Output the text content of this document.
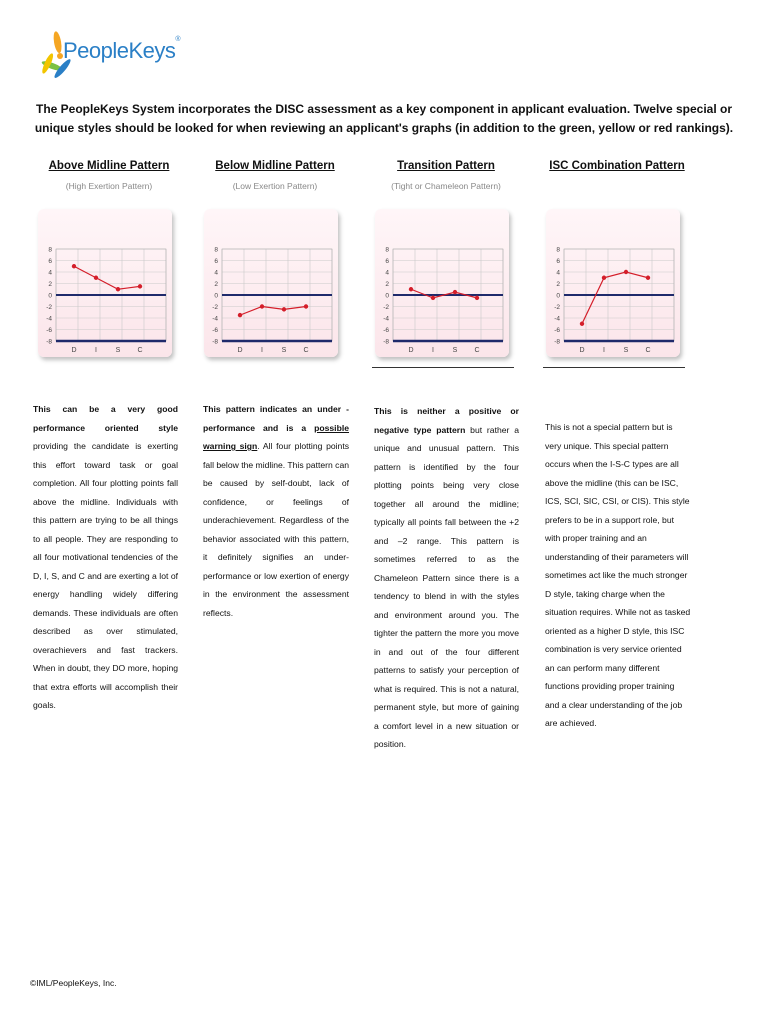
PeopleKeys®
The PeopleKeys System incorporates the DISC assessment as a key component in applicant evaluation. Twelve special or unique styles should be looked for when reviewing an applicant's graphs (in addition to the green, yellow or red rankings).
Above Midline Pattern
(High Exertion Pattern)
8
6
4
2
0
-2
-4
-6
-8
D	I	S C
Below Midline Pattern
(Low Exertion Pattern)
8
6
4
2
0
-2
-4
-6
-8
D	I	S C
Transition Pattern
(Tight or Chameleon Pattern)
8
6
4
2
0
-2
-4
-6
-8
D	I	S C
ISC Combination Pattern
8
6
4
2
0
-2
-4
-6
-8
D	I	S C
This can be a very good performance oriented style providing the candidate is exerting this effort toward task or goal completion. All four plotting points fall above the midline. Individuals with this pattern are trying to be all things to all people. They are responding to all four motivational tendencies of the D, I, S, and C and are exerting a lot of energy handling widely differing demands. These individuals are often described as over stimulated, overachievers and fast trackers. When in doubt, they DO more, hoping that extra efforts will accomplish their goals.
This pattern indicates an under - performance and is a possible warning sign. All four plotting points fall below the midline. This pattern can be caused by self-doubt, lack of confidence, or feelings of underachievement. Regardless of the behavior associated with this pattern, it definitely signifies an under-performance or low exertion of energy in the environment the assessment reflects.
This is neither a positive or negative type pattern but rather a unique and unusual pattern. This pattern is identified by the four plotting points being very close together all around the midline; typically all points fall between the +2 and –2 range. This pattern is sometimes referred to as the Chameleon Pattern since there is a tendency to blend in with the styles and environment around you. The tighter the pattern the more you move in and out of the four different patterns to satisfy your perception of what is required. This is not a natural, permanent style, but more of gaining a comfort level in a new situation or position.
This is not a special pattern but is very unique. This special pattern occurs when the I-S-C types are all above the midline (this can be ISC, ICS, SCI, SIC, CSI, or CIS). This style prefers to be in a support role, but with proper training and an understanding of their parameters will sometimes act like the much stronger D style, taking charge when the situation requires. While not as tasked oriented as a higher D style, this ISC combination is very service oriented an can perform many different functions providing proper training and a clear understanding of the job are achieved.
©IML/PeopleKeys, Inc.
